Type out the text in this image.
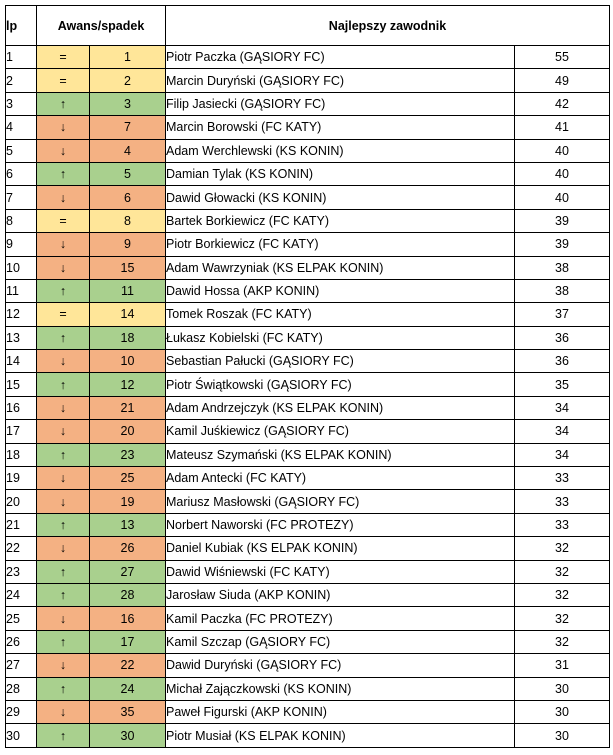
lp	Awans/spadek		Najlepszy zawodnik	
1	=	1	Piotr Paczka (GĄSIORY FC)	55
2	=	2	Marcin Duryński (GĄSIORY FC)	49
3	↑	3	Filip Jasiecki (GĄSIORY FC)	42
4	↓	7	Marcin Borowski (FC KATY)	41
5	↓	4	Adam Werchlewski (KS KONIN)	40
6	↑	5	Damian Tylak (KS KONIN)	40
7	↓	6	Dawid Głowacki (KS KONIN)	40
8	=	8	Bartek Borkiewicz (FC KATY)	39
9	↓	9	Piotr Borkiewicz (FC KATY)	39
10	↓	15	Adam Wawrzyniak (KS ELPAK KONIN)	38
11	↑	11	Dawid Hossa (AKP KONIN)	38
12	=	14	Tomek Roszak (FC KATY)	37
13	↑	18	Łukasz Kobielski (FC KATY)	36
14	↓	10	Sebastian Pałucki (GĄSIORY FC)	36
15	↑	12	Piotr Świątkowski (GĄSIORY FC)	35
16	↓	21	Adam Andrzejczyk (KS ELPAK KONIN)	34
17	↓	20	Kamil Juśkiewicz (GĄSIORY FC)	34
18	↑	23	Mateusz Szymański (KS ELPAK KONIN)	34
19	↓	25	Adam Antecki (FC KATY)	33
20	↓	19	Mariusz Masłowski (GĄSIORY FC)	33
21	↑	13	Norbert Naworski (FC PROTEZY)	33
22	↓	26	Daniel Kubiak (KS ELPAK KONIN)	32
23	↑	27	Dawid Wiśniewski (FC KATY)	32
24	↑	28	Jarosław Siuda (AKP KONIN)	32
25	↓	16	Kamil Paczka (FC PROTEZY)	32
26	↑	17	Kamil Szczap (GĄSIORY FC)	32
27	↓	22	Dawid Duryński (GĄSIORY FC)	31
28	↑	24	Michał Zajączkowski (KS KONIN)	30
29	↓	35	Paweł Figurski (AKP KONIN)	30
30	↑	30	Piotr Musiał (KS ELPAK KONIN)	30
